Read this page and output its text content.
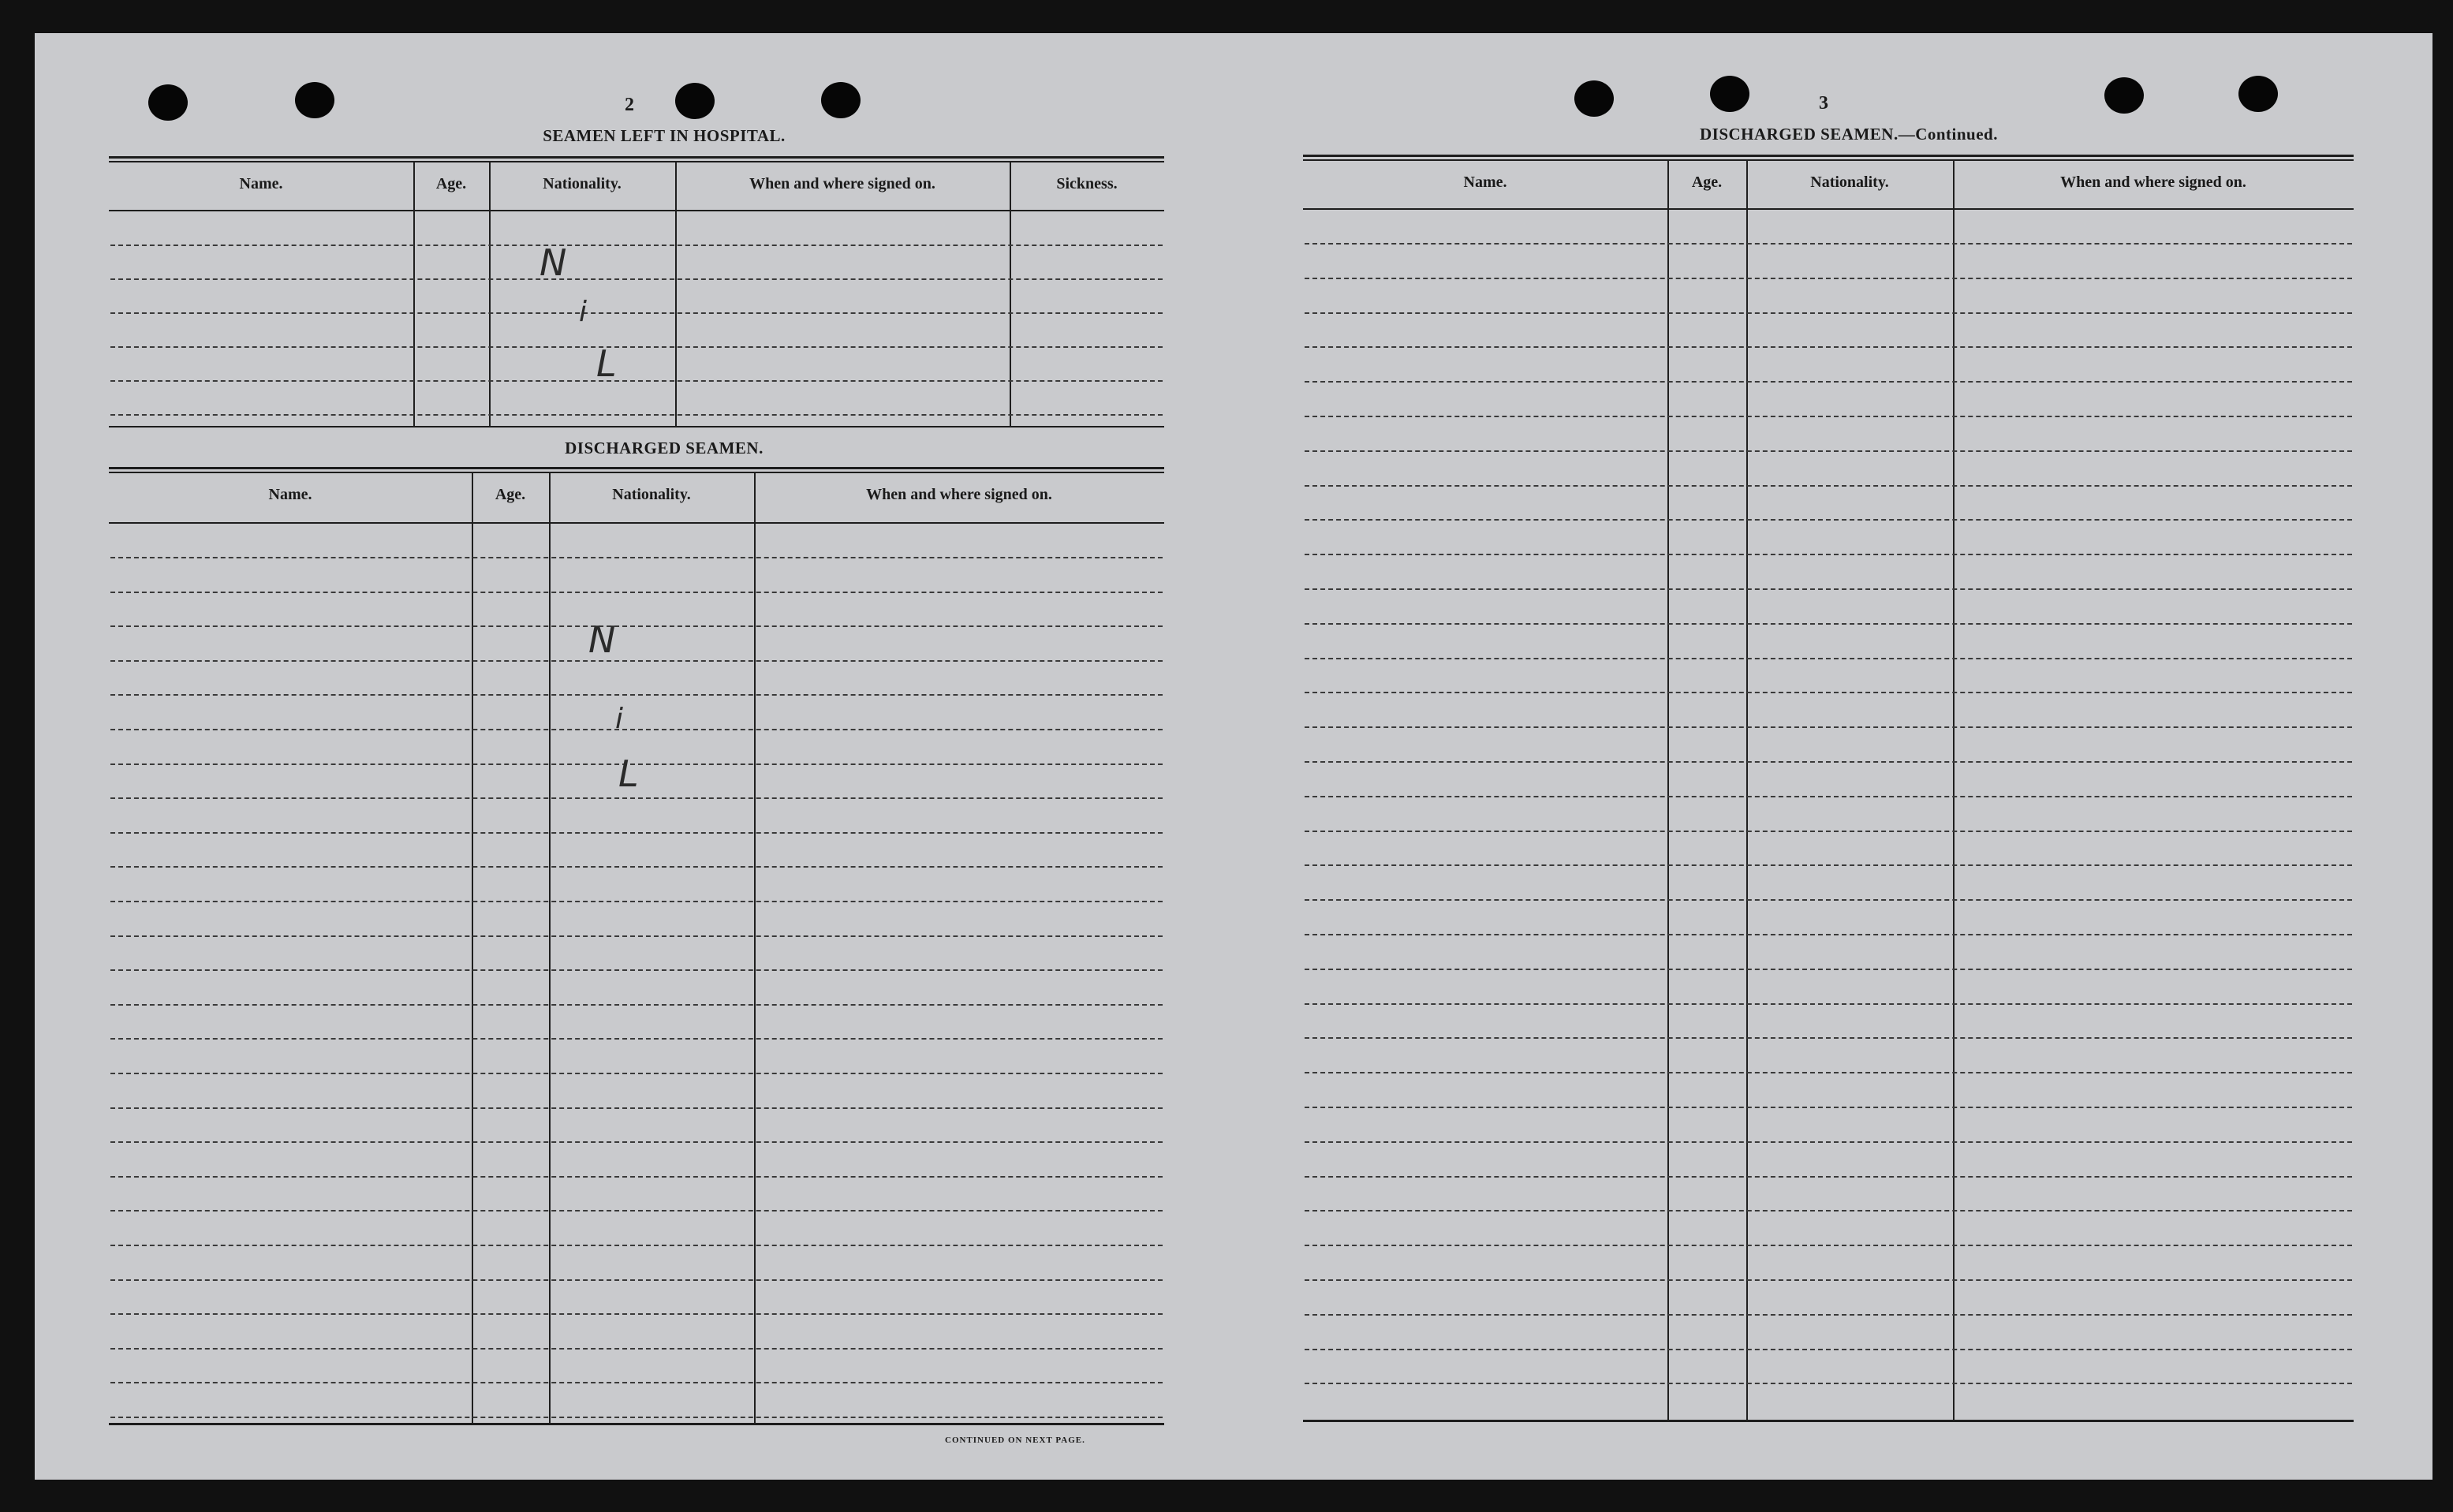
2
SEAMEN LEFT IN HOSPITAL.
Name.	Age.	Nationality.	When and where signed on.	Sickness.
N
i
L
DISCHARGED SEAMEN.
Name.	Age.	Nationality.	When and where signed on.
N
i
L
CONTINUED ON NEXT PAGE.
3
DISCHARGED SEAMEN.—Continued.
Name.	Age.	Nationality.	When and where signed on.
